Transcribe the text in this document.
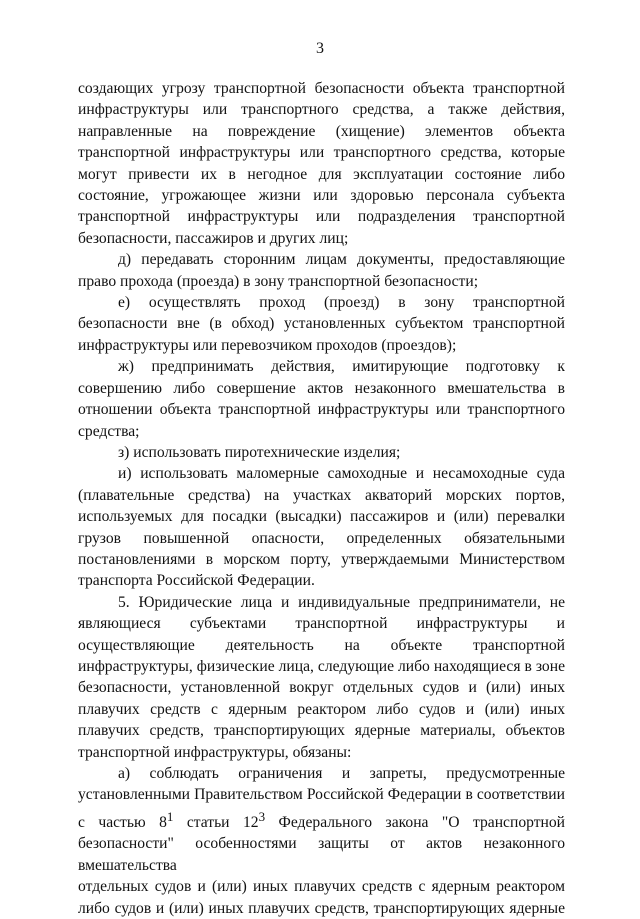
3

создающих угрозу транспортной безопасности объекта транспортной инфраструктуры или транспортного средства, а также действия, направленные на повреждение (хищение) элементов объекта транспортной инфраструктуры или транспортного средства, которые могут привести их в негодное для эксплуатации состояние либо состояние, угрожающее жизни или здоровью персонала субъекта транспортной инфраструктуры или подразделения транспортной безопасности, пассажиров и других лиц;

д) передавать сторонним лицам документы, предоставляющие право прохода (проезда) в зону транспортной безопасности;

е) осуществлять проход (проезд) в зону транспортной безопасности вне (в обход) установленных субъектом транспортной инфраструктуры или перевозчиком проходов (проездов);

ж) предпринимать действия, имитирующие подготовку к совершению либо совершение актов незаконного вмешательства в отношении объекта транспортной инфраструктуры или транспортного средства;

з) использовать пиротехнические изделия;

и) использовать маломерные самоходные и несамоходные суда (плавательные средства) на участках акваторий морских портов, используемых для посадки (высадки) пассажиров и (или) перевалки грузов повышенной опасности, определенных обязательными постановлениями в морском порту, утверждаемыми Министерством транспорта Российской Федерации.

5. Юридические лица и индивидуальные предприниматели, не являющиеся субъектами транспортной инфраструктуры и осуществляющие деятельность на объекте транспортной инфраструктуры, физические лица, следующие либо находящиеся в зоне безопасности, установленной вокруг отдельных судов и (или) иных плавучих средств с ядерным реактором либо судов и (или) иных плавучих средств, транспортирующих ядерные материалы, объектов транспортной инфраструктуры, обязаны:

а) соблюдать ограничения и запреты, предусмотренные

установленными Правительством Российской Федерации в соответствии

с частью $8^1$ статьи $12^3$ Федерального закона "О транспортной

безопасности" особенностями защиты от актов незаконного вмешательства

отдельных судов и (или) иных плавучих средств с ядерным реактором

либо судов и (или) иных плавучих средств, транспортирующих ядерные
